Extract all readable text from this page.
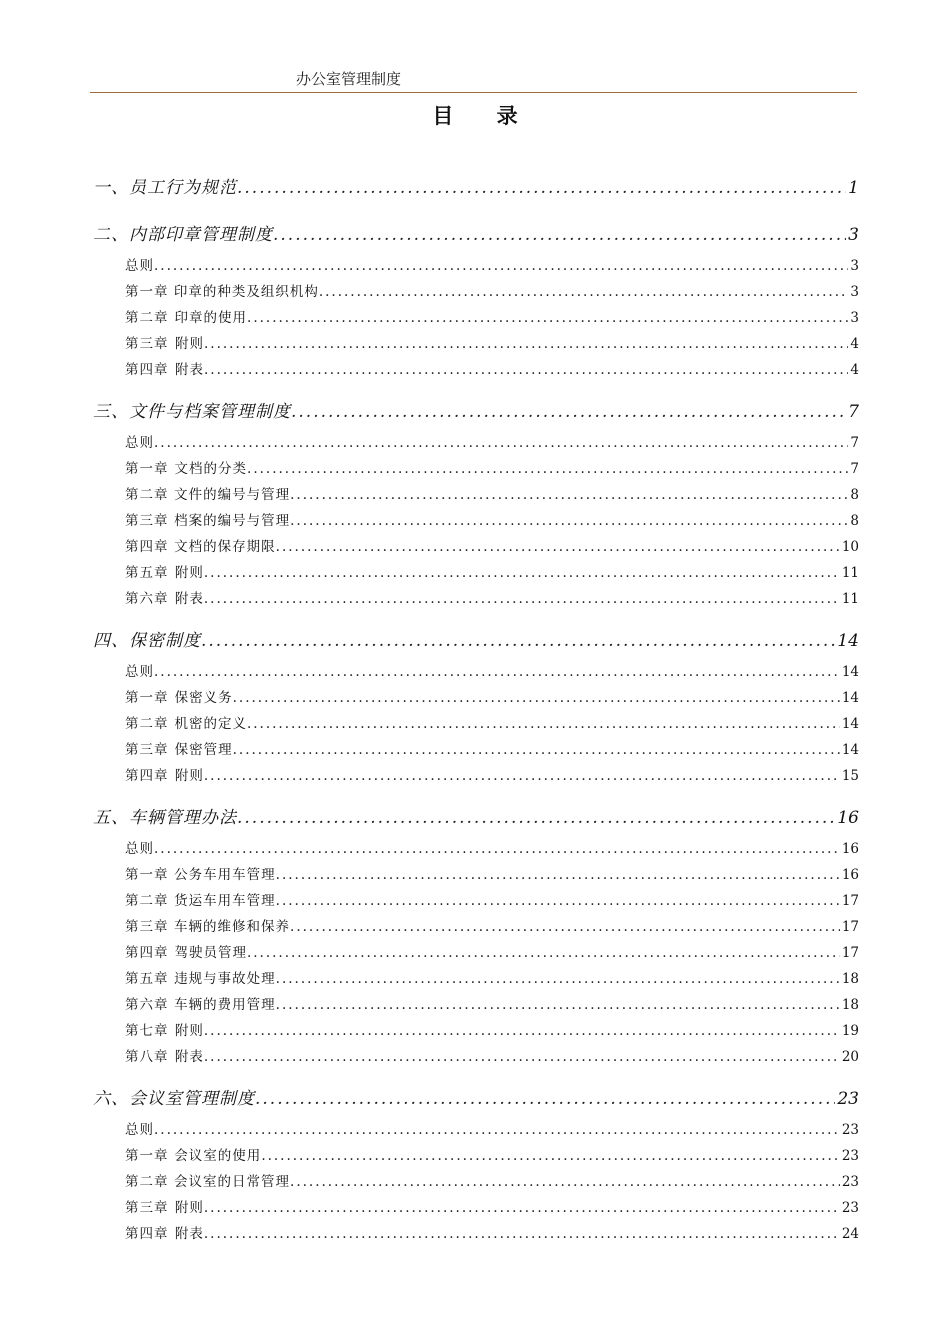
办公室管理制度
目 录
一、员工行为规范 .....	1
二、内部印章管理制度 .....	3
总则 .....	3
第一章 印章的种类及组织机构 .....	3
第二章 印章的使用 .....	3
第三章 附则 .....	4
第四章 附表 .....	4
三、文件与档案管理制度 .....	7
总则 .....	7
第一章 文档的分类 .....	7
第二章 文件的编号与管理 .....	8
第三章 档案的编号与管理 .....	8
第四章 文档的保存期限 .....	10
第五章 附则 .....	11
第六章 附表 .....	11
四、保密制度 .....	14
总则 .....	14
第一章 保密义务 .....	14
第二章 机密的定义 .....	14
第三章 保密管理 .....	14
第四章 附则 .....	15
五、车辆管理办法 .....	16
总则 .....	16
第一章 公务车用车管理 .....	16
第二章 货运车用车管理 .....	17
第三章 车辆的维修和保养 .....	17
第四章 驾驶员管理 .....	17
第五章 违规与事故处理 .....	18
第六章 车辆的费用管理 .....	18
第七章 附则 .....	19
第八章 附表 .....	20
六、会议室管理制度 .....	23
总则 .....	23
第一章 会议室的使用 .....	23
第二章 会议室的日常管理 .....	23
第三章 附则 .....	23
第四章 附表 .....	24
